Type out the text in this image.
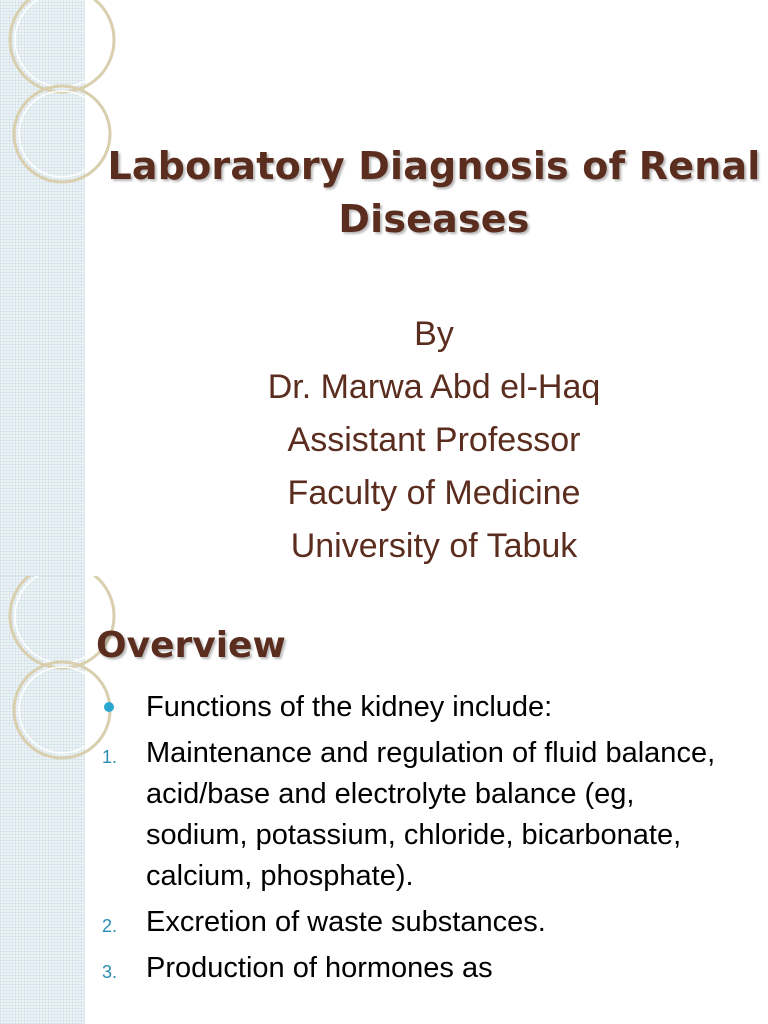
Laboratory Diagnosis of Renal Diseases
By
Dr. Marwa Abd el-Haq
Assistant Professor
Faculty of Medicine
University of Tabuk
Overview
Functions of the kidney include:
1. Maintenance and regulation of fluid balance, acid/base and electrolyte balance (eg, sodium, potassium, chloride, bicarbonate, calcium, phosphate).
2. Excretion of waste substances.
3. Production of hormones as
